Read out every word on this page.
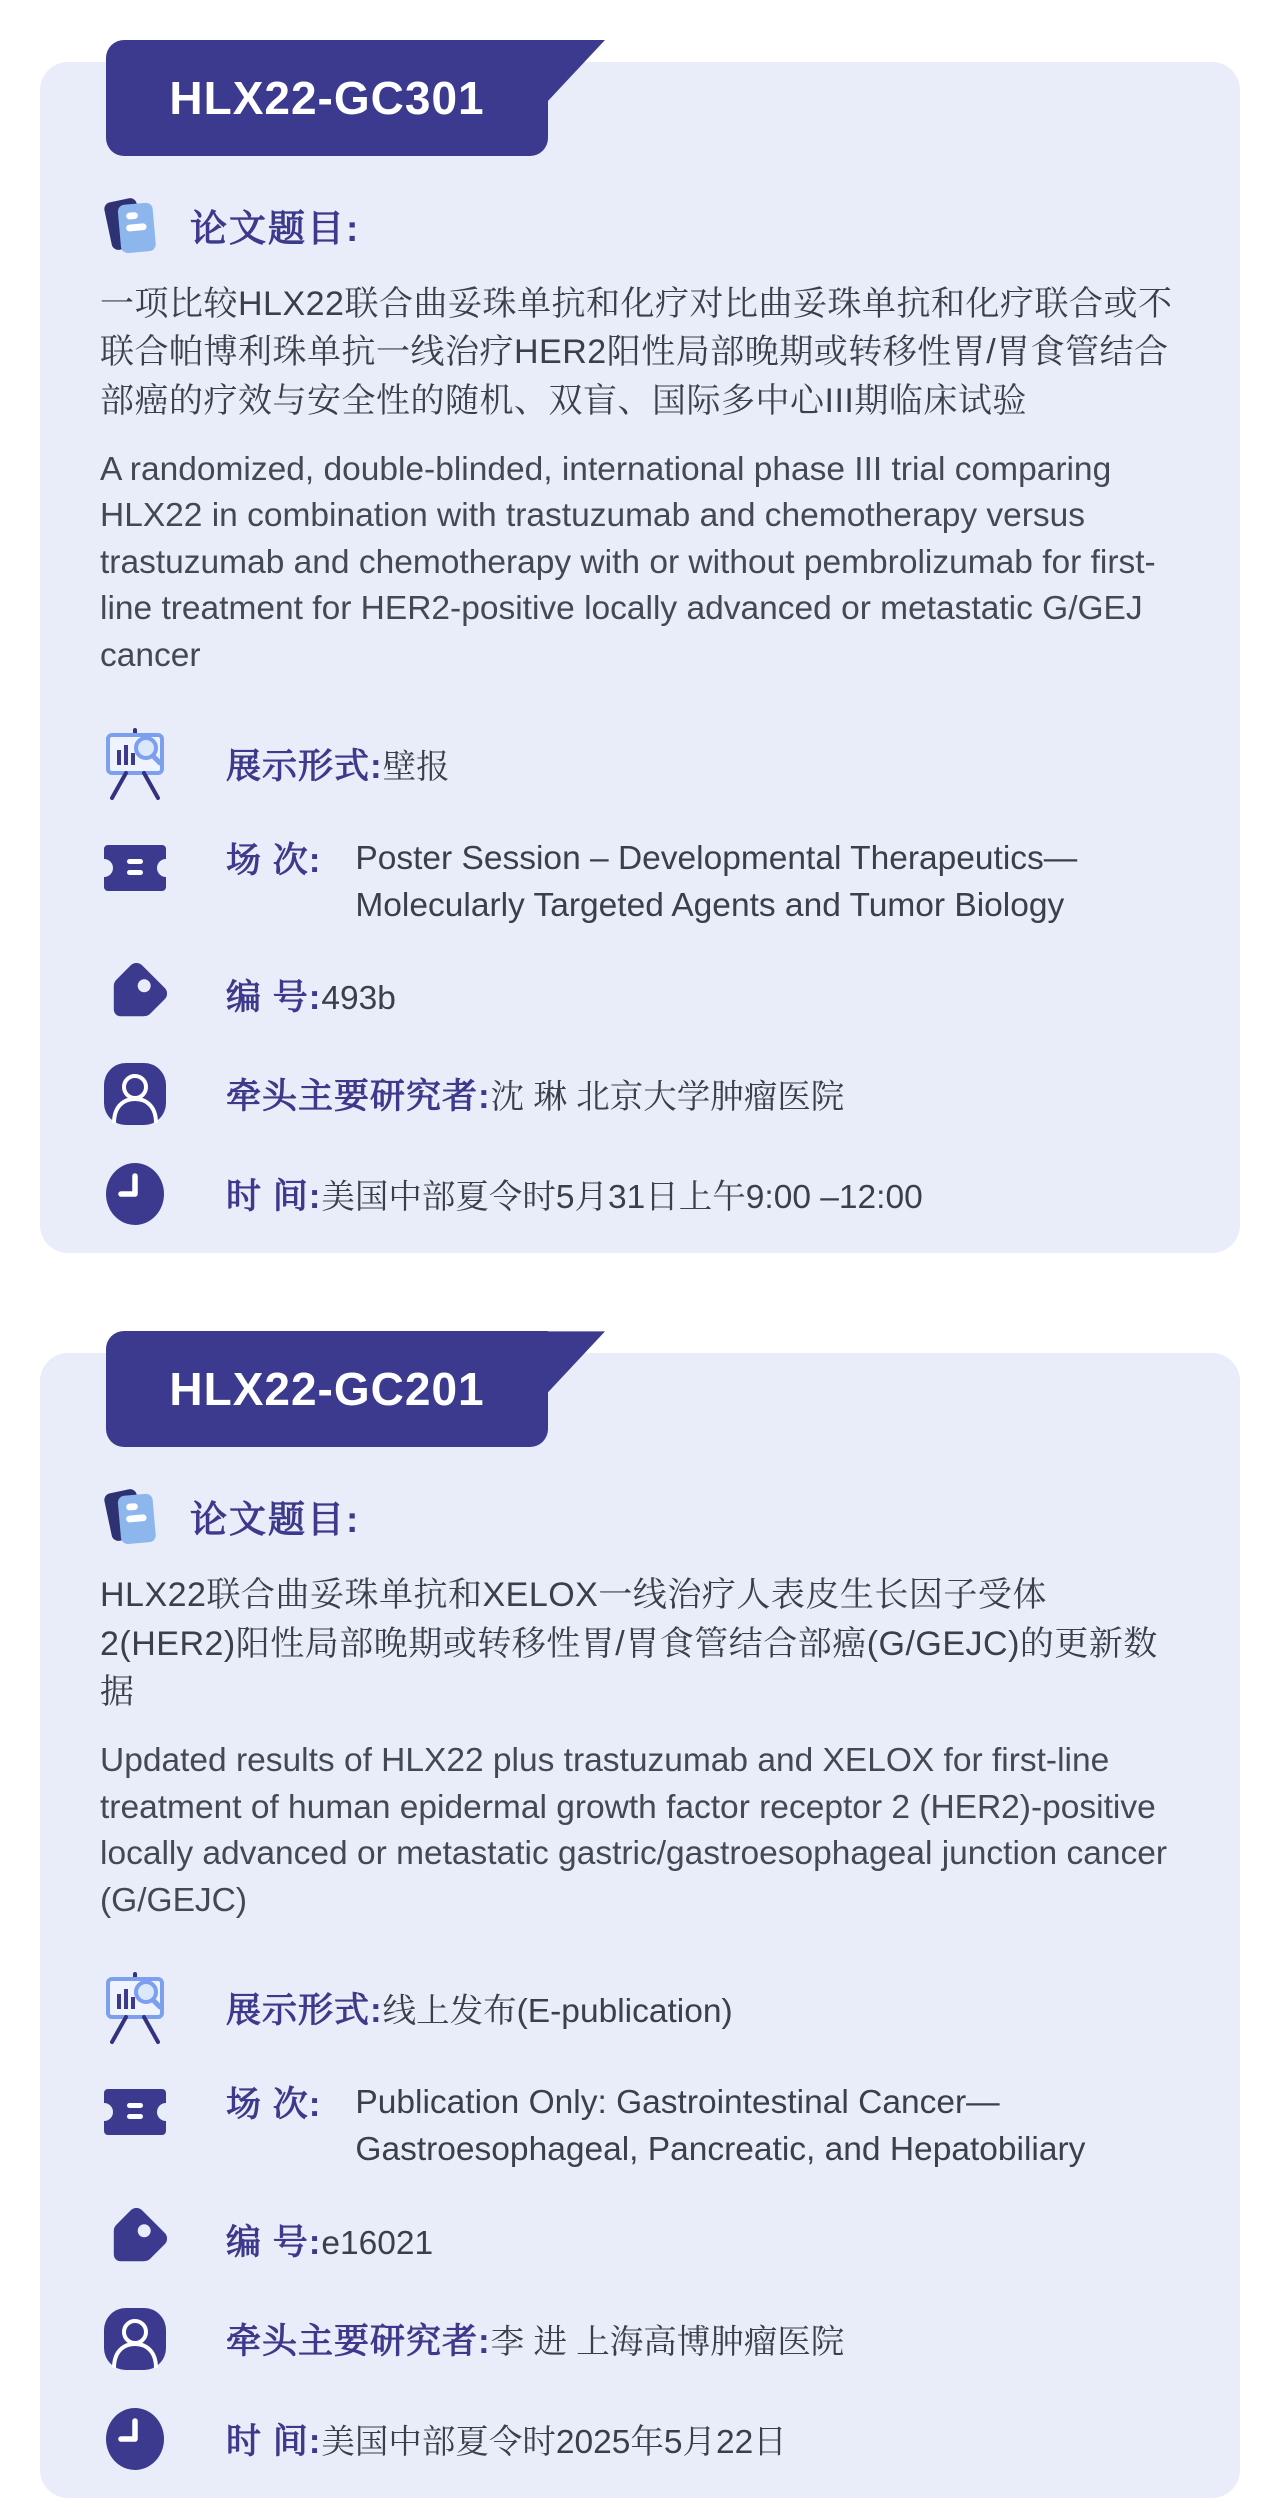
HLX22-GC301
论文题目:

一项比较HLX22联合曲妥珠单抗和化疗对比曲妥珠单抗和化疗联合或不联合帕博利珠单抗一线治疗HER2阳性局部晚期或转移性胃/胃食管结合部癌的疗效与安全性的随机、双盲、国际多中心III期临床试验

A randomized, double-blinded, international phase III trial comparing HLX22 in combination with trastuzumab and chemotherapy versus trastuzumab and chemotherapy with or without pembrolizumab for first-line treatment for HER2-positive locally advanced or metastatic G/GEJ cancer

展示形式:壁报
场 次: Poster Session – Developmental Therapeutics—Molecularly Targeted Agents and Tumor Biology
编 号:493b
牵头主要研究者:沈 琳 北京大学肿瘤医院
时 间:美国中部夏令时5月31日上午9:00 –12:00
HLX22-GC201
论文题目:

HLX22联合曲妥珠单抗和XELOX一线治疗人表皮生长因子受体2(HER2)阳性局部晚期或转移性胃/胃食管结合部癌(G/GEJC)的更新数据

Updated results of HLX22 plus trastuzumab and XELOX for first-line treatment of human epidermal growth factor receptor 2 (HER2)-positive locally advanced or metastatic gastric/gastroesophageal junction cancer (G/GEJC)

展示形式:线上发布(E-publication)
场 次: Publication Only: Gastrointestinal Cancer—Gastroesophageal, Pancreatic, and Hepatobiliary
编 号:e16021
牵头主要研究者:李 进 上海高博肿瘤医院
时 间:美国中部夏令时2025年5月22日
